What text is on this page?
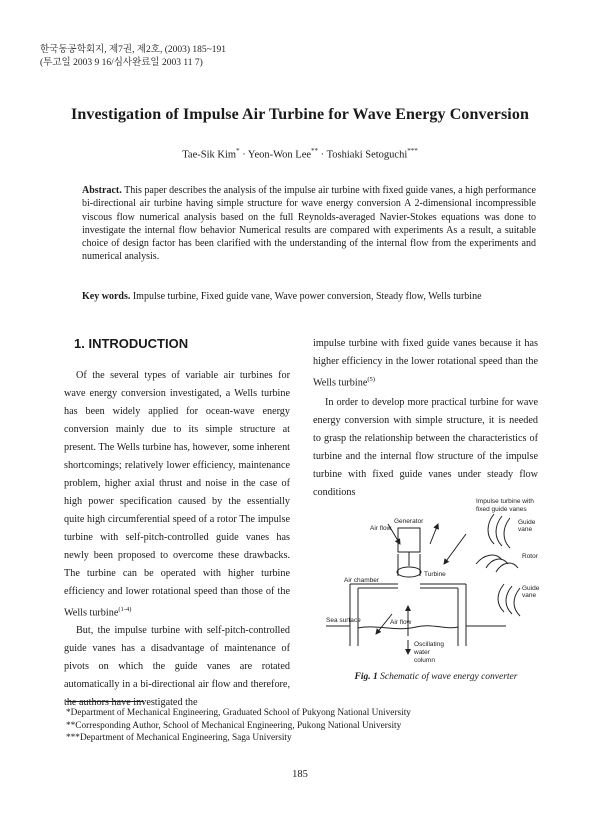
한국동공학회지, 제7권, 제2호, (2003) 185~191
(투고일 2003 9 16/심사완료일 2003 11 7)
Investigation of Impulse Air Turbine for Wave Energy Conversion
Tae-Sik Kim* · Yeon-Won Lee** · Toshiaki Setoguchi***
Abstract. This paper describes the analysis of the impulse air turbine with fixed guide vanes, a high performance bi-directional air turbine having simple structure for wave energy conversion A 2-dimensional incompressible viscous flow numerical analysis based on the full Reynolds-averaged Navier-Stokes equations was done to investigate the internal flow behavior Numerical results are compared with experiments As a result, a suitable choice of design factor has been clarified with the understanding of the internal flow from the experiments and numerical analysis.
Key words. Impulse turbine, Fixed guide vane, Wave power conversion, Steady flow, Wells turbine
1. INTRODUCTION

Of the several types of variable air turbines for wave energy conversion investigated, a Wells turbine has been widely applied for ocean-wave energy conversion mainly due to its simple structure at present. The Wells turbine has, however, some inherent shortcomings; relatively lower efficiency, maintenance problem, higher axial thrust and noise in the case of high power specification caused by the essentially quite high circumferential speed of a rotor The impulse turbine with self-pitch-controlled guide vanes has newly been proposed to overcome these drawbacks. The turbine can be operated with higher turbine efficiency and lower rotational speed than those of the Wells turbine$^{(1-4)}$

But, the impulse turbine with self-pitch-controlled guide vanes has a disadvantage of maintenance of pivots on which the guide vanes are rotated automatically in a bi-directional air flow and therefore, the authors have investigated the

impulse turbine with fixed guide vanes because it has higher efficiency in the lower rotational speed than the Wells turbine$^{(5)}$

In order to develop more practical turbine for wave energy conversion with simple structure, it is needed to grasp the relationship between the characteristics of turbine and the internal flow structure of the impulse turbine with fixed guide vanes under steady flow conditions

Impulse turbine with
fixed guide vanes
Generator
Air flow
Air chamber
Turbine
Guide
vane
Rotor
Guide
vane
Sea surface	Air flow
Oscillating
water
column
Fig. 1 Schematic of wave energy converter
*Department of Mechanical Engineering, Graduated School of Pukyong National University
**Corresponding Author, School of Mechanical Engineering, Pukong National University
***Department of Mechanical Engineering, Saga University
185
